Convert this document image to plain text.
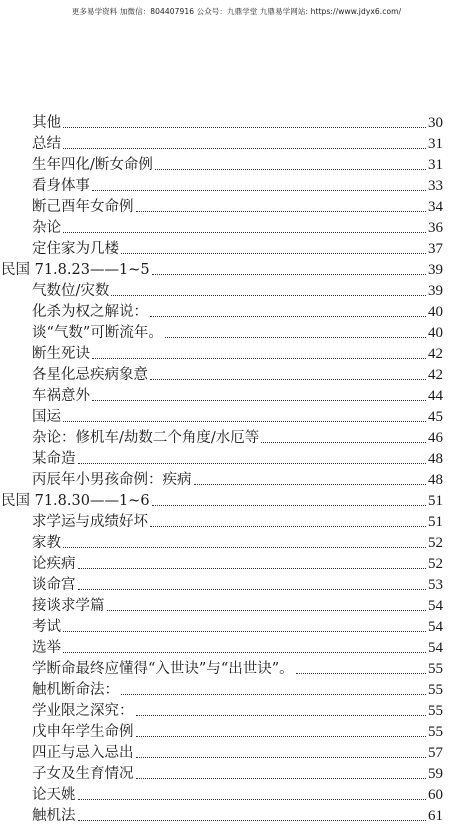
更多易学资料 加微信：804407916 公众号：九鼎学堂 九鼎易学网站: https://www.jdyx6.com/
其他	30
总结	31
生年四化/断女命例	31
看身体事	33
断己酉年女命例	34
杂论	36
定住家为几楼	37
民国 71.8.23——1~5	39
气数位/灾数	39
化杀为权之解说：	40
谈“气数”可断流年。	40
断生死诀	42
各星化忌疾病象意	42
车祸意外	44
国运	45
杂论：修机车/劫数二个角度/水厄等	46
某命造	48
丙辰年小男孩命例：疾病	48
民国 71.8.30——1~6	51
求学运与成绩好坏	51
家教	52
论疾病	52
谈命宫	53
接谈求学篇	54
考试	54
选举	54
学断命最终应懂得“入世诀”与“出世诀”。	55
触机断命法：	55
学业限之深究：	55
戊申年学生命例	55
四正与忌入忌出	57
子女及生育情况	59
论天姚	60
触机法	61
